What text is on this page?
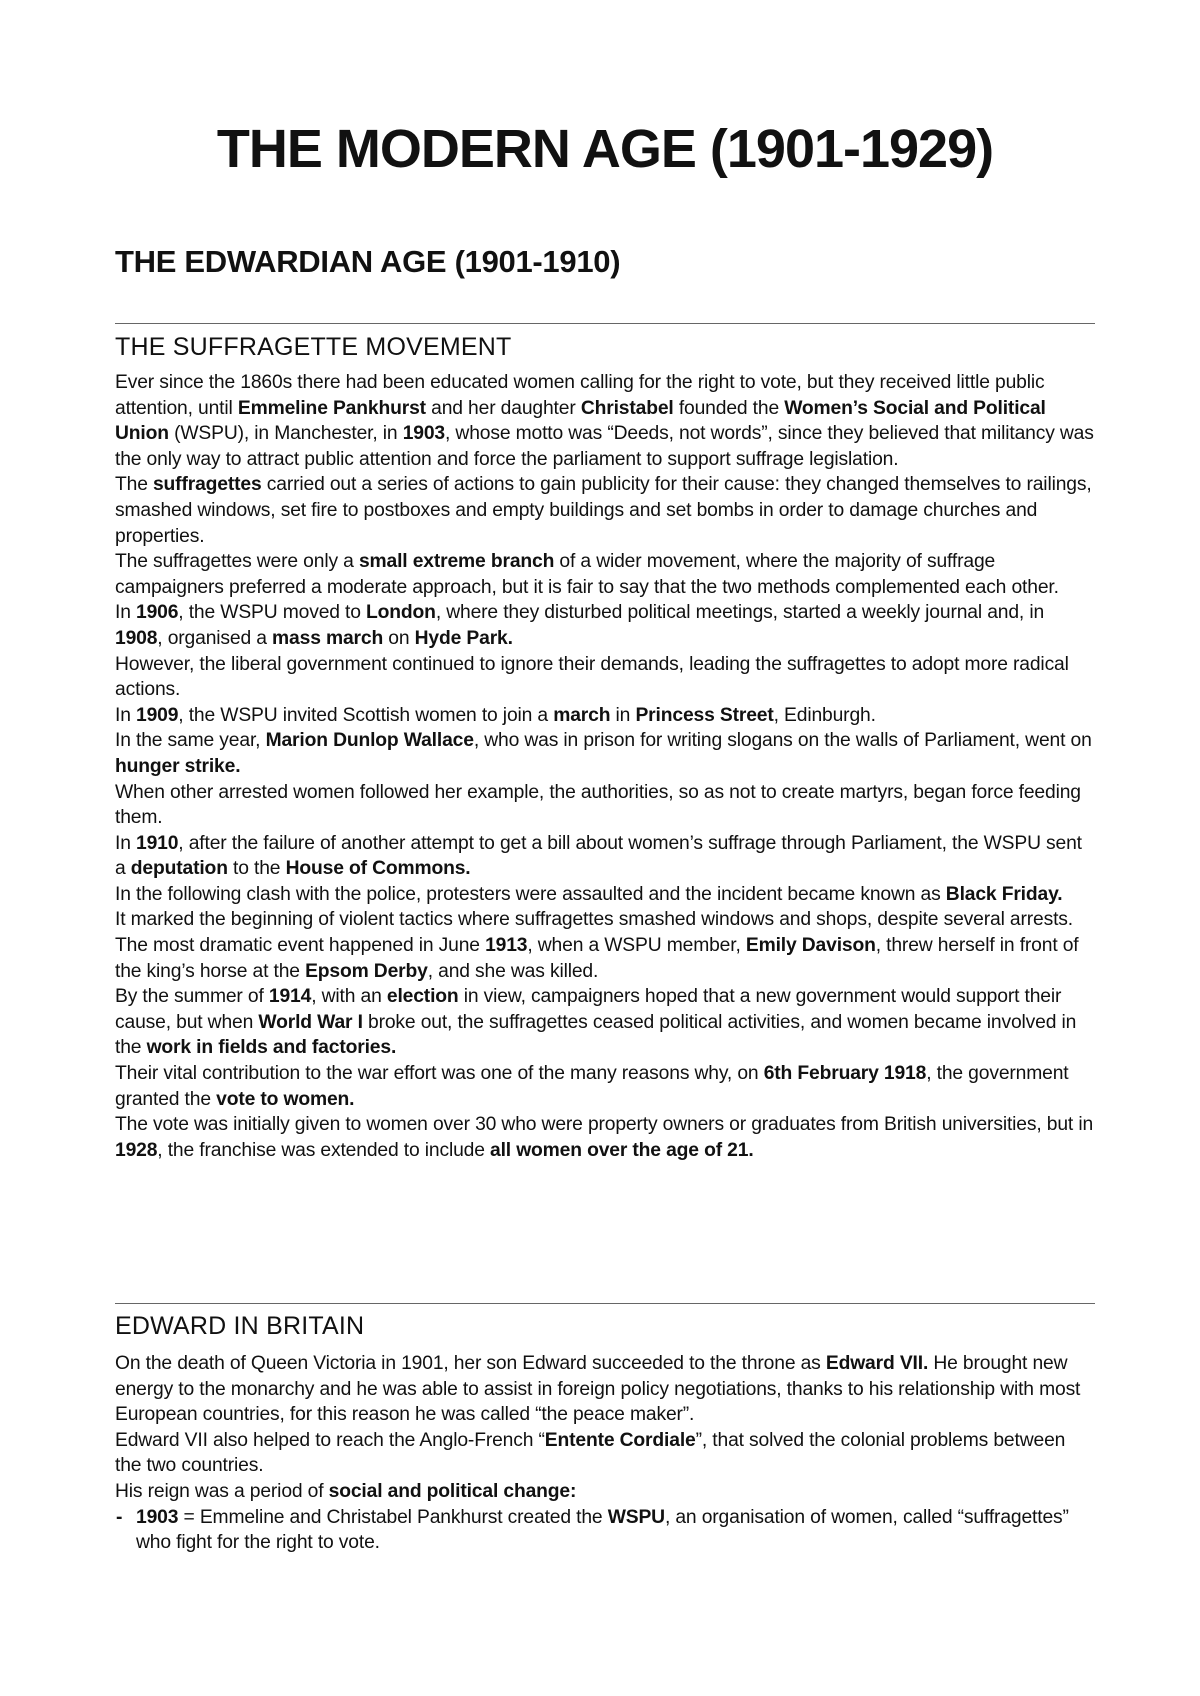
THE MODERN AGE (1901-1929)
THE EDWARDIAN AGE (1901-1910)
THE SUFFRAGETTE MOVEMENT

Ever since the 1860s there had been educated women calling for the right to vote, but they received little public attention, until Emmeline Pankhurst and her daughter Christabel founded the Women’s Social and Political Union (WSPU), in Manchester, in 1903, whose motto was “Deeds, not words”, since they believed that militancy was the only way to attract public attention and force the parliament to support suffrage legislation.

The suffragettes carried out a series of actions to gain publicity for their cause: they changed themselves to railings, smashed windows, set fire to postboxes and empty buildings and set bombs in order to damage churches and properties.

The suffragettes were only a small extreme branch of a wider movement, where the majority of suffrage campaigners preferred a moderate approach, but it is fair to say that the two methods complemented each other.

In 1906, the WSPU moved to London, where they disturbed political meetings, started a weekly journal and, in 1908, organised a mass march on Hyde Park.

However, the liberal government continued to ignore their demands, leading the suffragettes to adopt more radical actions.

In 1909, the WSPU invited Scottish women to join a march in Princess Street, Edinburgh.

In the same year, Marion Dunlop Wallace, who was in prison for writing slogans on the walls of Parliament, went on hunger strike.

When other arrested women followed her example, the authorities, so as not to create martyrs, began force feeding them.

In 1910, after the failure of another attempt to get a bill about women’s suffrage through Parliament, the WSPU sent a deputation to the House of Commons.

In the following clash with the police, protesters were assaulted and the incident became known as Black Friday.

It marked the beginning of violent tactics where suffragettes smashed windows and shops, despite several arrests.

The most dramatic event happened in June 1913, when a WSPU member, Emily Davison, threw herself in front of the king’s horse at the Epsom Derby, and she was killed.

By the summer of 1914, with an election in view, campaigners hoped that a new government would support their cause, but when World War I broke out, the suffragettes ceased political activities, and women became involved in the work in fields and factories.

Their vital contribution to the war effort was one of the many reasons why, on 6th February 1918, the government granted the vote to women.

The vote was initially given to women over 30 who were property owners or graduates from British universities, but in 1928, the franchise was extended to include all women over the age of 21.

EDWARD IN BRITAIN

On the death of Queen Victoria in 1901, her son Edward succeeded to the throne as Edward VII. He brought new energy to the monarchy and he was able to assist in foreign policy negotiations, thanks to his relationship with most European countries, for this reason he was called “the peace maker”.

Edward VII also helped to reach the Anglo-French “Entente Cordiale”, that solved the colonial problems between the two countries.

His reign was a period of social and political change:

- 1903 = Emmeline and Christabel Pankhurst created the WSPU, an organisation of women, called “suffragettes” who fight for the right to vote.
